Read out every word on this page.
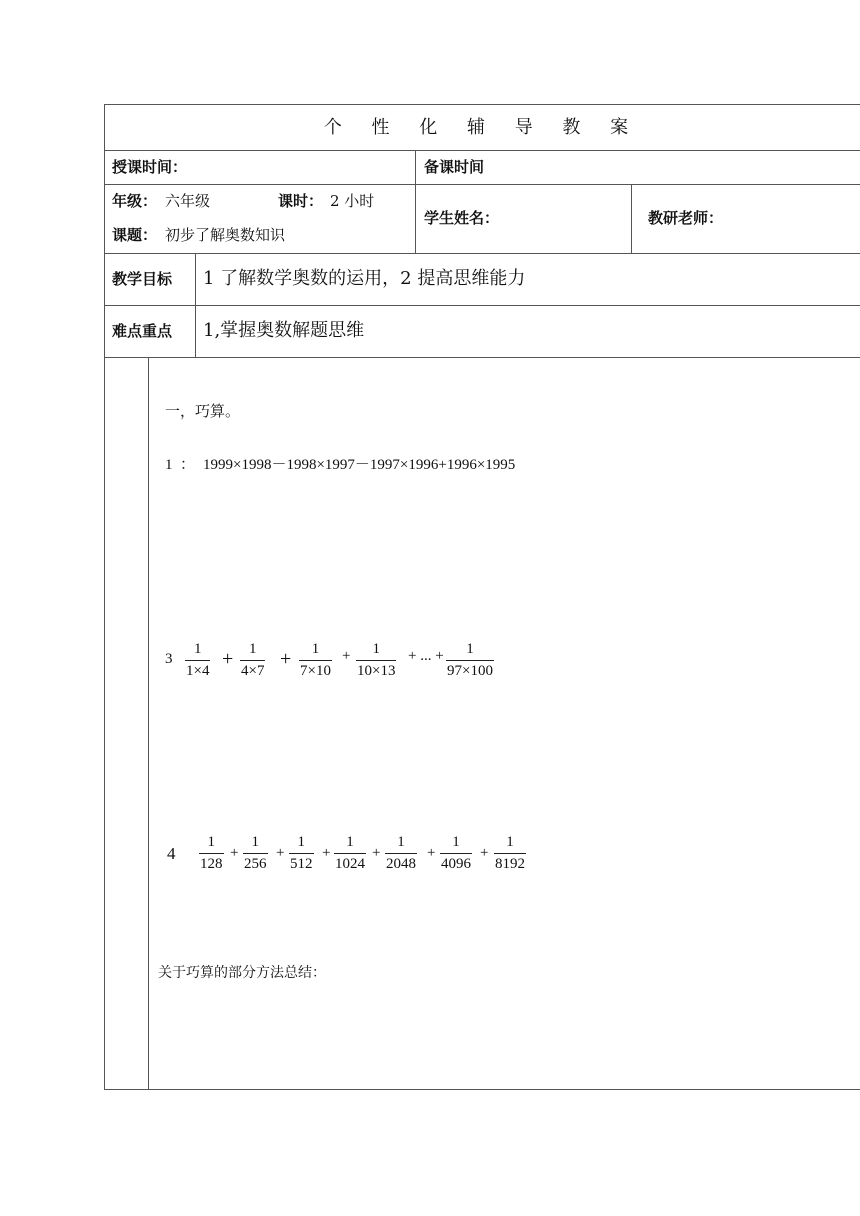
个 性 化 辅 导 教 案
授课时间：	备课时间
年级： 六年级	课时： 2 小时
课题： 初步了解奥数知识
学生姓名：	教研老师：
教学目标 1 了解数学奥数的运用，2 提高思维能力
难点重点 1,掌握奥数解题思维
一，巧算。
1  ： 1999×1998－1998×1997－1997×1996+1996×1995
3
4
关于巧算的部分方法总结：
1
1×4
1
4×7
1
7×10
1
10×13
1
97×100
+ +	+	+ ... +
1
128
1
256
1
512
1
1024
1
2048
1
4096
1
8192
+	+	+	+	+	+
